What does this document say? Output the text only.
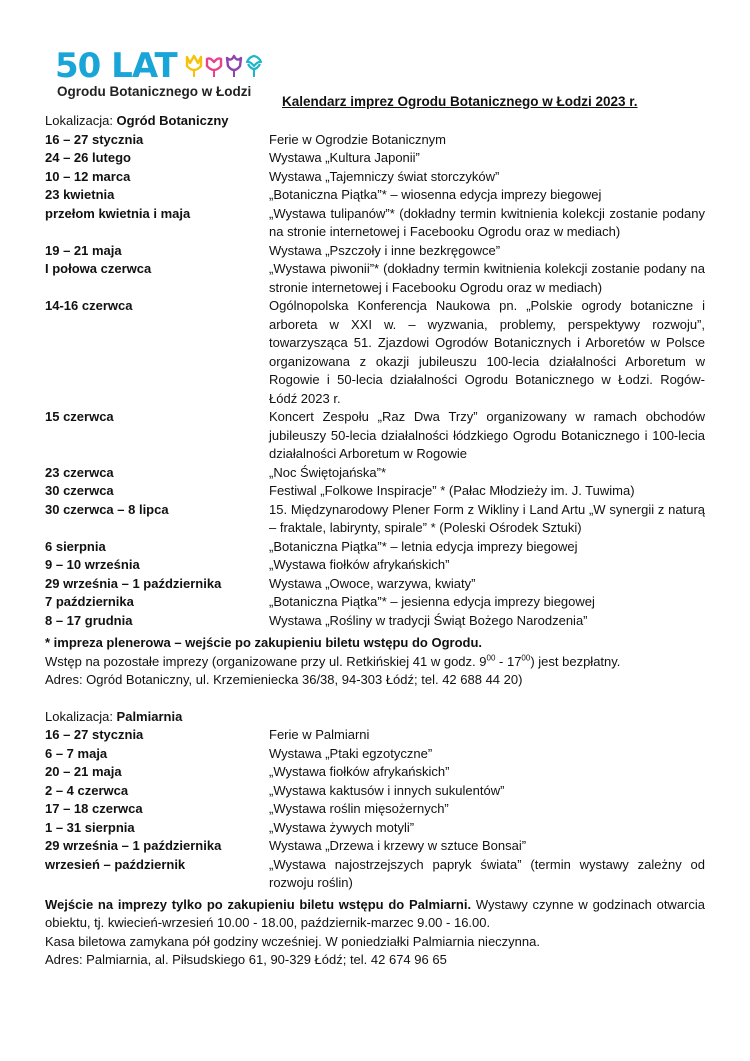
50 LAT
Ogrodu Botanicznego w Łodzi
Kalendarz imprez Ogrodu Botanicznego w Łodzi 2023 r.
Lokalizacja: Ogród Botaniczny
16 – 27 stycznia	Ferie w Ogrodzie Botanicznym
24 – 26 lutego	Wystawa „Kultura Japonii”
10 – 12 marca	Wystawa „Tajemniczy świat storczyków”
23 kwietnia	„Botaniczna Piątka”* – wiosenna edycja imprezy biegowej
przełom kwietnia i maja	„Wystawa tulipanów”* (dokładny termin kwitnienia kolekcji zostanie podany na stronie internetowej i Facebooku Ogrodu oraz w mediach)
19 – 21 maja	Wystawa „Pszczoły i inne bezkręgowce”
I połowa czerwca	„Wystawa piwonii”* (dokładny termin kwitnienia kolekcji zostanie podany na stronie internetowej i Facebooku Ogrodu oraz w mediach)
14-16 czerwca	Ogólnopolska Konferencja Naukowa pn. „Polskie ogrody botaniczne i arboreta w XXI w. – wyzwania, problemy, perspektywy rozwoju”, towarzysząca 51. Zjazdowi Ogrodów Botanicznych i Arboretów w Polsce organizowana z okazji jubileuszu 100-lecia działalności Arboretum w Rogowie i 50-lecia działalności Ogrodu Botanicznego w Łodzi. Rogów- Łódź 2023 r.
15 czerwca	Koncert Zespołu „Raz Dwa Trzy” organizowany w ramach obchodów jubileuszy 50-lecia działalności łódzkiego Ogrodu Botanicznego i 100-lecia działalności Arboretum w Rogowie
23 czerwca	„Noc Świętojańska”*
30 czerwca	Festiwal „Folkowe Inspiracje” * (Pałac Młodzieży im. J. Tuwima)
30 czerwca – 8 lipca	15. Międzynarodowy Plener Form z Wikliny i Land Artu „W synergii z naturą – fraktale, labirynty, spirale” * (Poleski Ośrodek Sztuki)
6 sierpnia	„Botaniczna Piątka”* – letnia edycja imprezy biegowej
9 – 10 września	„Wystawa fiołków afrykańskich”
29 września – 1 października	Wystawa „Owoce, warzywa, kwiaty”
7 października	„Botaniczna Piątka”* – jesienna edycja imprezy biegowej
8 – 17 grudnia	Wystawa „Rośliny w tradycji Świąt Bożego Narodzenia”
* impreza plenerowa – wejście po zakupieniu biletu wstępu do Ogrodu.
Wstęp na pozostałe imprezy (organizowane przy ul. Retkińskiej 41 w godz. $9^{00} - 17^{00}$) jest bezpłatny.
Adres: Ogród Botaniczny, ul. Krzemieniecka 36/38, 94-303 Łódź; tel. 42 688 44 20)
Lokalizacja: Palmiarnia
16 – 27 stycznia	Ferie w Palmiarni
6 – 7 maja	Wystawa „Ptaki egzotyczne”
20 – 21 maja	„Wystawa fiołków afrykańskich”
2 – 4 czerwca	„Wystawa kaktusów i innych sukulentów”
17 – 18 czerwca	„Wystawa roślin mięsożernych”
1 – 31 sierpnia	„Wystawa żywych motyli”
29 września – 1 października	Wystawa „Drzewa i krzewy w sztuce Bonsai”
wrzesień – październik	„Wystawa najostrzejszych papryk świata” (termin wystawy zależny od rozwoju roślin)
Wejście na imprezy tylko po zakupieniu biletu wstępu do Palmiarni. Wystawy czynne w godzinach otwarcia obiektu, tj. kwiecień-wrzesień 10.00 - 18.00, październik-marzec 9.00 - 16.00.
Kasa biletowa zamykana pół godziny wcześniej. W poniedziałki Palmiarnia nieczynna.
Adres: Palmiarnia, al. Piłsudskiego 61, 90-329 Łódź; tel. 42 674 96 65
